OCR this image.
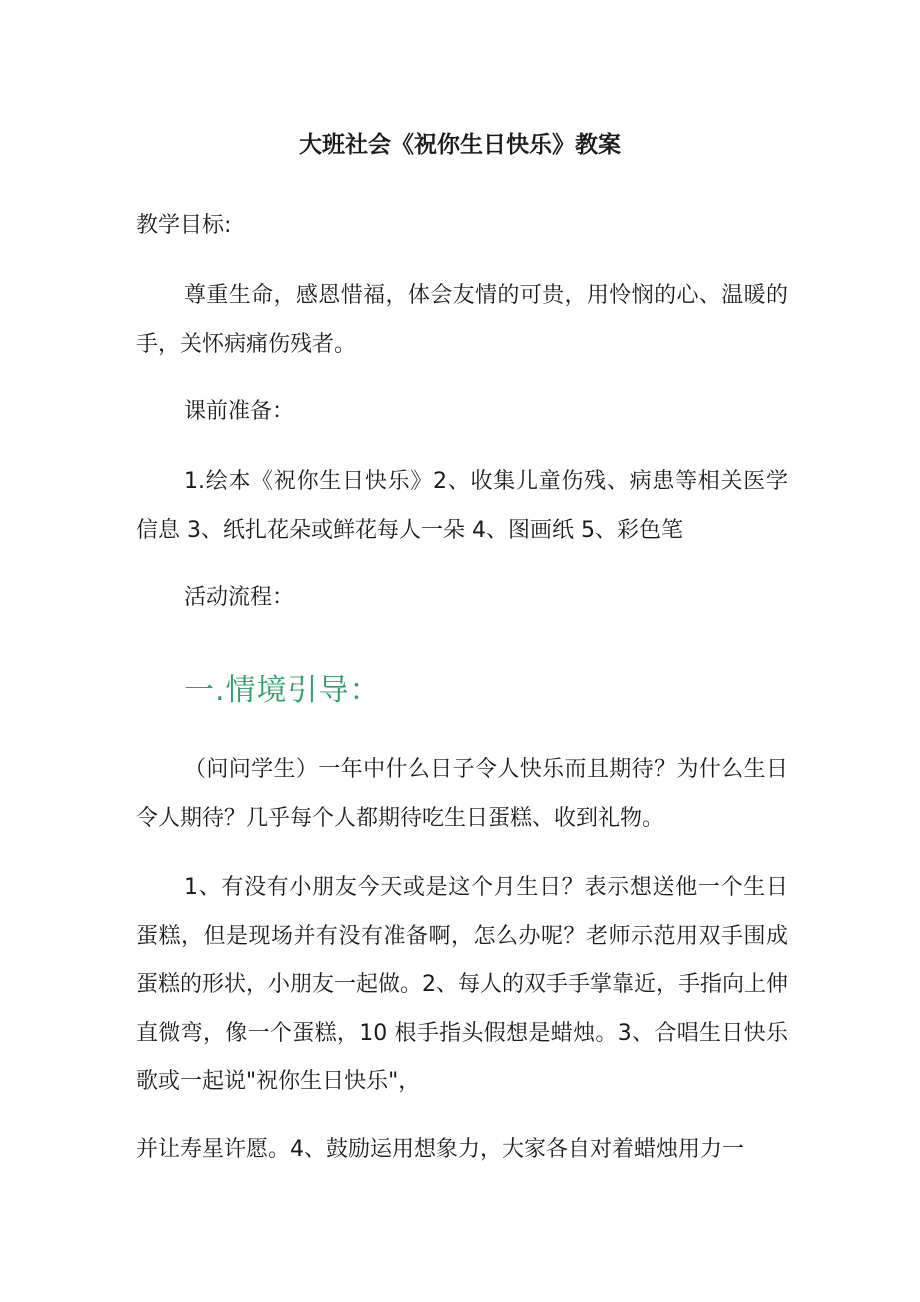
大班社会《祝你生日快乐》教案

教学目标:

尊重生命，感恩惜福，体会友情的可贵，用怜悯的心、温暖的手，关怀病痛伤残者。

课前准备：

1.绘本《祝你生日快乐》2、收集儿童伤残、病患等相关医学信息 3、纸扎花朵或鲜花每人一朵 4、图画纸 5、彩色笔

活动流程：

一.情境引导：

（问问学生）一年中什么日子令人快乐而且期待？为什么生日令人期待？几乎每个人都期待吃生日蛋糕、收到礼物。

1、有没有小朋友今天或是这个月生日？表示想送他一个生日蛋糕，但是现场并有没有准备啊，怎么办呢？老师示范用双手围成蛋糕的形状，小朋友一起做。2、每人的双手手掌靠近，手指向上伸直微弯，像一个蛋糕，10 根手指头假想是蜡烛。3、合唱生日快乐歌或一起说"祝你生日快乐"，

并让寿星许愿。4、鼓励运用想象力，大家各自对着蜡烛用力一
